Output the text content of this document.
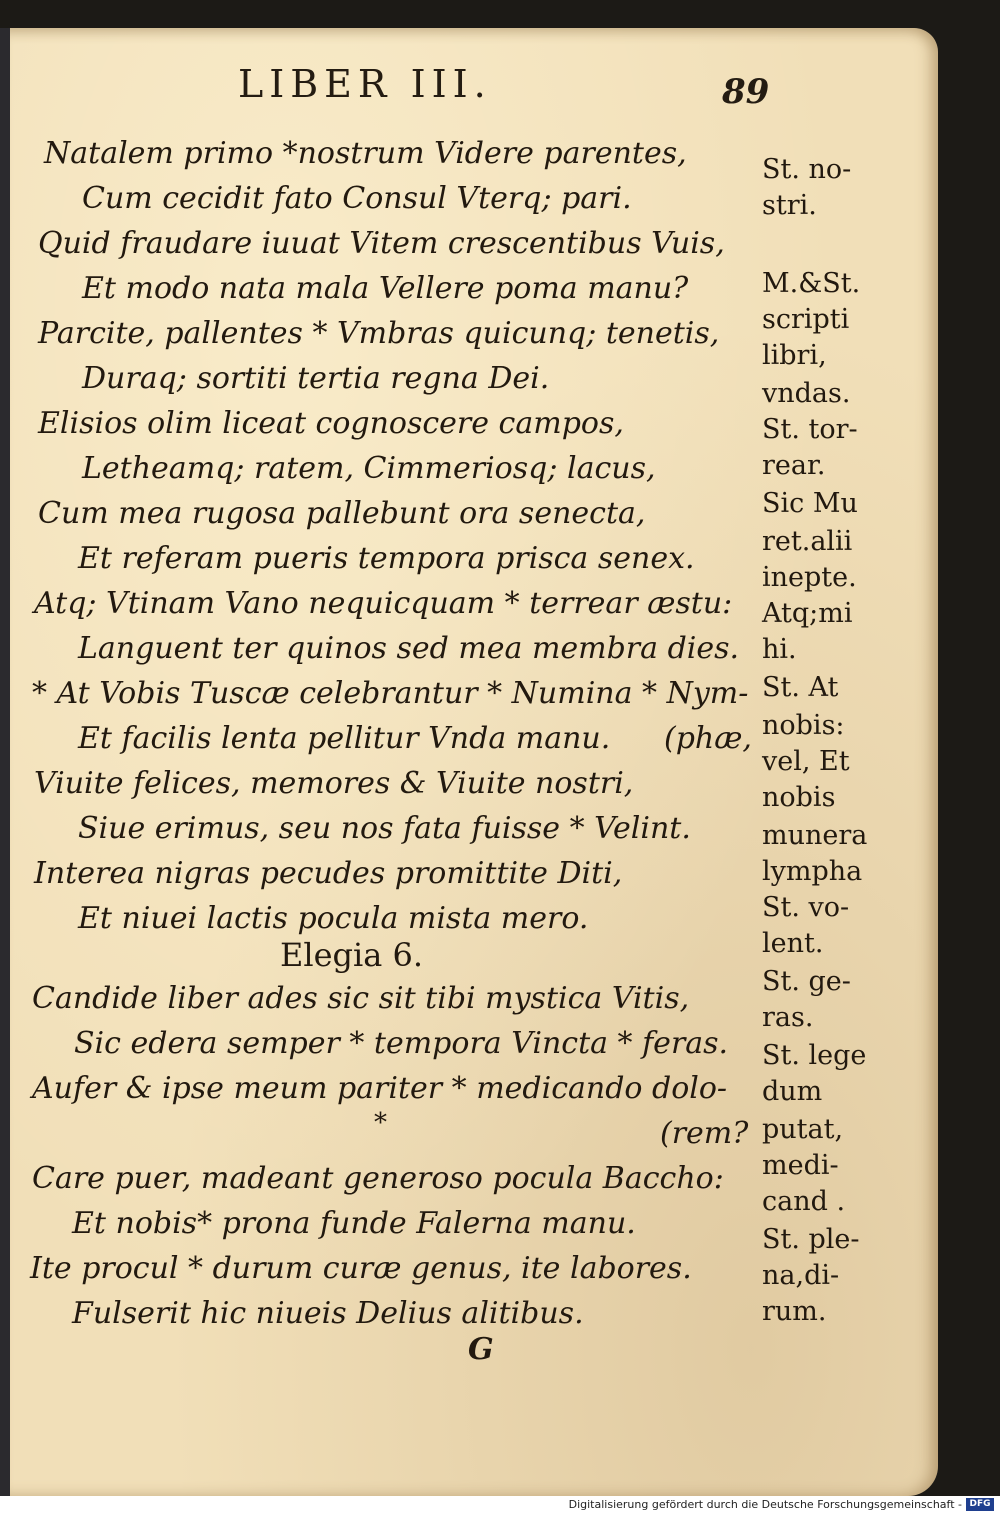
LIBER III.	89
Natalem primo *nostrum Videre parentes,
Cum cecidit fato Consul Vterq; pari.
Quid fraudare iuuat Vitem crescentibus Vuis,
Et modo nata mala Vellere poma manu?
Parcite, pallentes * Vmbras quicunq; tenetis,
Duraq; sortiti tertia regna Dei.
Elisios olim liceat cognoscere campos,
Letheamq; ratem, Cimmeriosq; lacus,
Cum mea rugosa pallebunt ora senecta,
Et referam pueris tempora prisca senex.
Atq; Vtinam Vano nequicquam * terrear æstu:
Languent ter quinos sed mea membra dies.
* At Vobis Tuscæ celebrantur * Numina * Nym-
Et facilis lenta pellitur Vnda manu. (phæ,
Viuite felices, memores & Viuite nostri,
Siue erimus, seu nos fata fuisse * Velint.
Interea nigras pecudes promittite Diti,
Et niuei lactis pocula mista mero.
Elegia 6.
Candide liber ades sic sit tibi mystica Vitis,
Sic edera semper * tempora Vincta * feras.
Aufer & ipse meum pariter * medicando dolo-
*	(rem?
Care puer, madeant generoso pocula Baccho:
Et nobis* prona funde Falerna manu.
Ite procul * durum curæ genus, ite labores.
Fulserit hic niueis Delius alitibus.
G
St. no-
stri.
M.&St.
scripti
libri,
vndas.
St. tor-
rear.
Sic Mu
ret.alii
inepte.
Atq;mi
hi.
St. At
nobis:
vel, Et
nobis
munera
lympha
St. vo-
lent.
St. ge-
ras.
St. lege
dum
putat,
medi-
cand .
St. ple-
na,di-
rum.
Digitalisierung gefördert durch die Deutsche Forschungsgemeinschaft - DFG
